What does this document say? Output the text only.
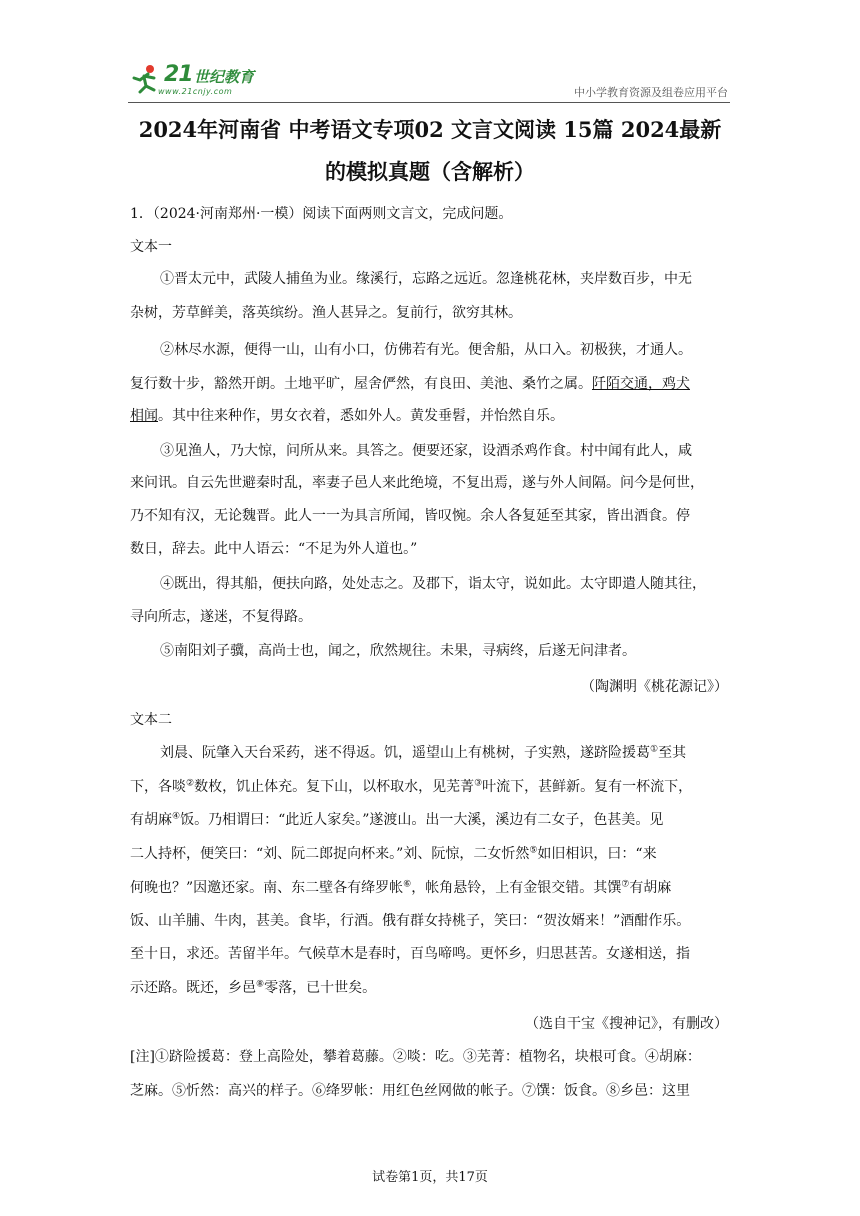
21 世纪教育
www.21cnjy.com	中小学教育资源及组卷应用平台
2024年河南省 中考语文专项02 文言文阅读 15篇 2024最新
的模拟真题（含解析）
1．（2024·河南郑州·一模）阅读下面两则文言文，完成问题。
文本一
①晋太元中，武陵人捕鱼为业。缘溪行，忘路之远近。忽逢桃花林，夹岸数百步，中无
杂树，芳草鲜美，落英缤纷。渔人甚异之。复前行，欲穷其林。
②林尽水源，便得一山，山有小口，仿佛若有光。便舍船，从口入。初极狭，才通人。
复行数十步，豁然开朗。土地平旷，屋舍俨然，有良田、美池、桑竹之属。阡陌交通，鸡犬
相闻。其中往来种作，男女衣着，悉如外人。黄发垂髫，并怡然自乐。
③见渔人，乃大惊，问所从来。具答之。便要还家，设酒杀鸡作食。村中闻有此人，咸
来问讯。自云先世避秦时乱，率妻子邑人来此绝境，不复出焉，遂与外人间隔。问今是何世，
乃不知有汉，无论魏晋。此人一一为具言所闻，皆叹惋。余人各复延至其家，皆出酒食。停
数日，辞去。此中人语云：“不足为外人道也。”
④既出，得其船，便扶向路，处处志之。及郡下，诣太守，说如此。太守即遣人随其往，
寻向所志，遂迷，不复得路。
⑤南阳刘子骥，高尚士也，闻之，欣然规往。未果，寻病终，后遂无问津者。
（陶渊明《桃花源记》）
文本二
刘晨、阮肇入天台采药，迷不得返。饥，遥望山上有桃树，子实熟，遂跻险援葛①至其
下，各啖②数枚，饥止体充。复下山，以杯取水，见芜菁③叶流下，甚鲜新。复有一杯流下，
有胡麻④饭。乃相谓曰：“此近人家矣。”遂渡山。出一大溪，溪边有二女子，色甚美。见
二人持杯，便笑曰：“刘、阮二郎捉向杯来。”刘、阮惊，二女忻然⑤如旧相识，曰：“来
何晚也？”因邀还家。南、东二壁各有绛罗帐⑥，帐角悬铃，上有金银交错。其馔⑦有胡麻
饭、山羊脯、牛肉，甚美。食毕，行酒。俄有群女持桃子，笑曰：“贺汝婿来！”酒酣作乐。
至十日，求还。苦留半年。气候草木是春时，百鸟啼鸣。更怀乡，归思甚苦。女遂相送，指
示还路。既还，乡邑⑧零落，已十世矣。
（选自干宝《搜神记》，有删改）
[注]①跻险援葛：登上高险处，攀着葛藤。②啖：吃。③芜菁：植物名，块根可食。④胡麻：
芝麻。⑤忻然：高兴的样子。⑥绛罗帐：用红色丝网做的帐子。⑦馔：饭食。⑧乡邑：这里
试卷第1页，共17页
